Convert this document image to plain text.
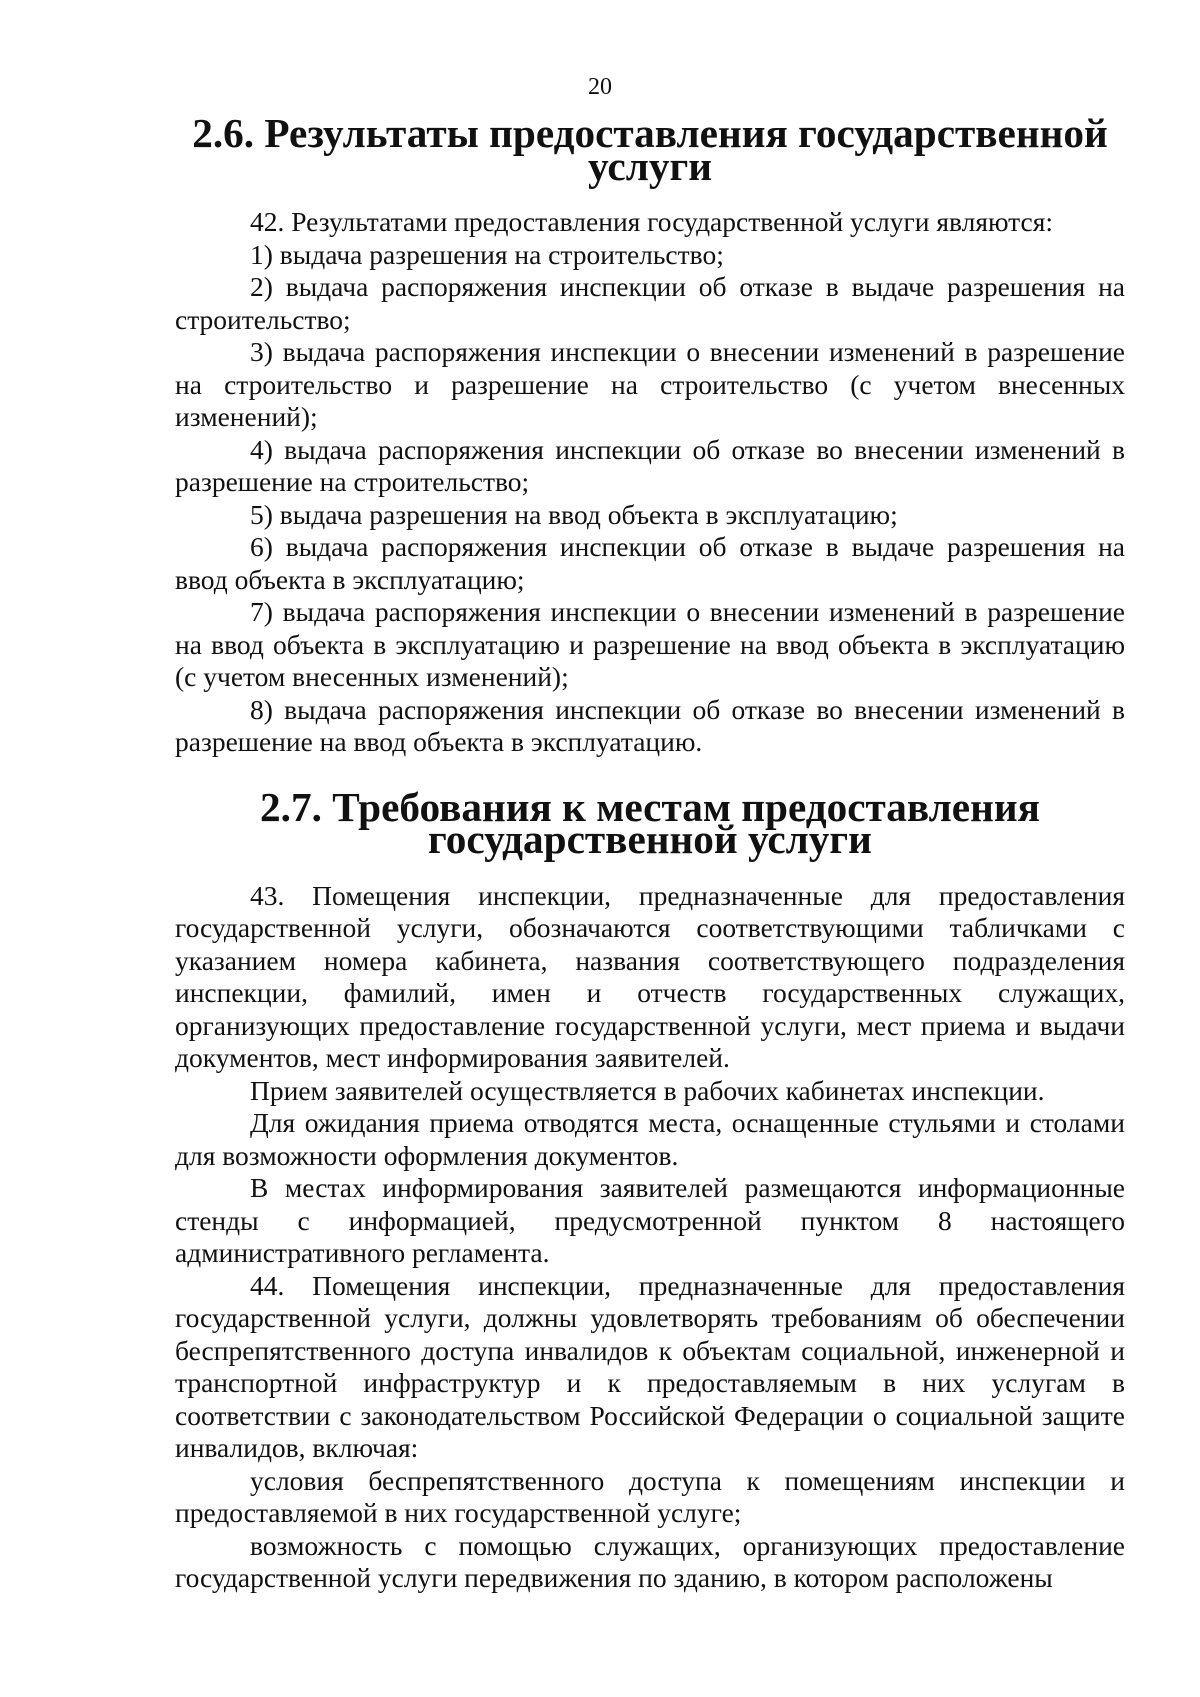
20
2.6. Результаты предоставления государственной услуги

42. Результатами предоставления государственной услуги являются:

1) выдача разрешения на строительство;

2) выдача распоряжения инспекции об отказе в выдаче разрешения на строительство;

3) выдача распоряжения инспекции о внесении изменений в разрешение на строительство и разрешение на строительство (с учетом внесенных изменений);

4) выдача распоряжения инспекции об отказе во внесении изменений в разрешение на строительство;

5) выдача разрешения на ввод объекта в эксплуатацию;

6) выдача распоряжения инспекции об отказе в выдаче разрешения на ввод объекта в эксплуатацию;

7) выдача распоряжения инспекции о внесении изменений в разрешение на ввод объекта в эксплуатацию и разрешение на ввод объекта в эксплуатацию (с учетом внесенных изменений);

8) выдача распоряжения инспекции об отказе во внесении изменений в разрешение на ввод объекта в эксплуатацию.

2.7. Требования к местам предоставления
государственной услуги

43. Помещения инспекции, предназначенные для предоставления государственной услуги, обозначаются соответствующими табличками с указанием номера кабинета, названия соответствующего подразделения инспекции, фамилий, имен и отчеств государственных служащих, организующих предоставление государственной услуги, мест приема и выдачи документов, мест информирования заявителей.

Прием заявителей осуществляется в рабочих кабинетах инспекции.

Для ожидания приема отводятся места, оснащенные стульями и столами для возможности оформления документов.

В местах информирования заявителей размещаются информационные стенды с информацией, предусмотренной пунктом 8 настоящего административного регламента.

44. Помещения инспекции, предназначенные для предоставления государственной услуги, должны удовлетворять требованиям об обеспечении беспрепятственного доступа инвалидов к объектам социальной, инженерной и транспортной инфраструктур и к предоставляемым в них услугам в соответствии с законодательством Российской Федерации о социальной защите инвалидов, включая:

условия беспрепятственного доступа к помещениям инспекции и предоставляемой в них государственной услуге;

возможность с помощью служащих, организующих предоставление государственной услуги передвижения по зданию, в котором расположены
